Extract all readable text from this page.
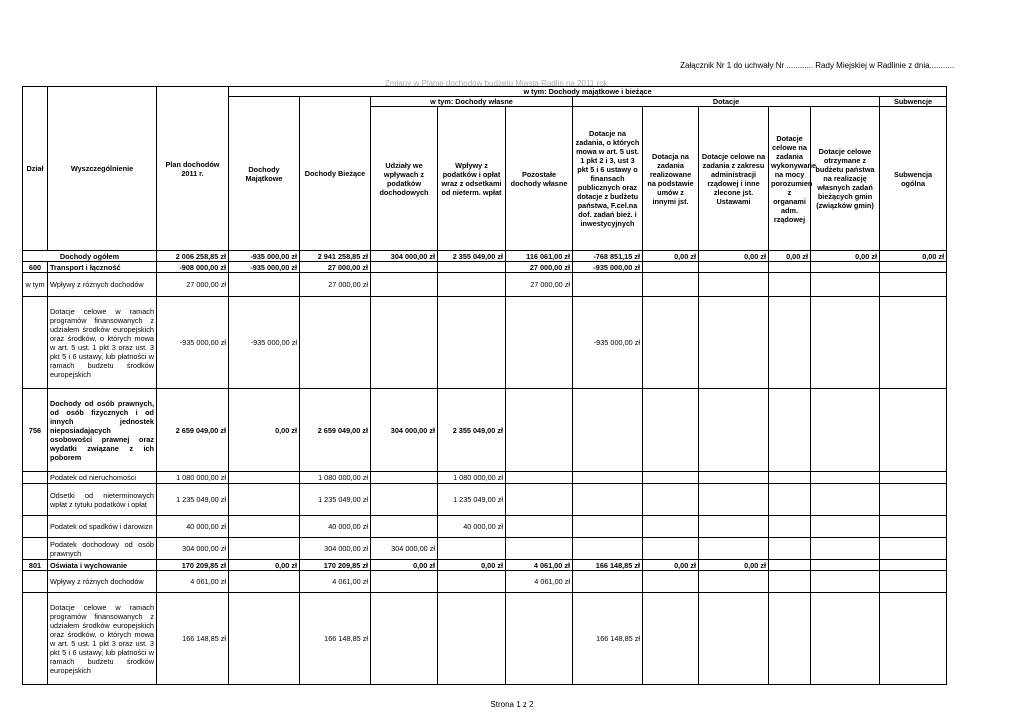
Załącznik Nr 1 do uchwały Nr ............ Rady Miejskiej w Radlinie z dnia...........
Zmiany w Planie dochodów budżetu Miasta Radlin na 2011 rok
Dział	Wyszczególnienie	Plan dochodów 2011 r.	w tym: Dochody majątkowe i bieżące										
			Dochody Majątkowe	Dochody Bieżące	w tym: Dochody własne			Dotacje					Subwencje
					Udziały we wpływach z podatków dochodowych	Wpływy z podatków i opłat wraz z odsetkami od nieterm. wpłat	Pozostałe dochody własne	Dotacje na zadania, o których mowa w art. 5 ust. 1 pkt 2 i 3, ust 3 pkt 5 i 6 ustawy o finansach publicznych oraz dotacje z budżetu państwa, F.cel.na dof. zadań bież. i inwestycyjnych	Dotacja na zadania realizowane na podstawie umów z innymi jst.	Dotacje celowe na zadania z zakresu administracji rządowej i inne zlecone jst. Ustawami	Dotacje celowe na zadania wykonywane na mocy porozumień z organami adm. rządowej	Dotacje celowe otrzymane z budżetu państwa na realizację własnych zadań bieżących gmin (związków gmin)	Subwencja ogólna
Dochody ogółem		2 006 258,85 zł	-935 000,00 zł	2 941 258,85 zł	304 000,00 zł	2 355 049,00 zł	116 061,00 zł	-768 851,15 zł	0,00 zł	0,00 zł	0,00 zł	0,00 zł	0,00 zł
600	Transport i łączność	-908 000,00 zł	-935 000,00 zł	27 000,00 zł			27 000,00 zł	-935 000,00 zł					
w tym	Wpływy z różnych dochodów	27 000,00 zł		27 000,00 zł			27 000,00 zł						
	Dotacje celowe w ramach programów finansowanych z udziałem środków europejskich oraz środków, o których mowa w art. 5 ust. 1 pkt 3 oraz ust. 3 pkt 5 i 6 ustawy, lub płatności w ramach budżetu środków europejskich	-935 000,00 zł	-935 000,00 zł					-935 000,00 zł					
756	Dochody od osób prawnych, od osób fizycznych i od innych jednostek nieposiadających osobowości prawnej oraz wydatki związane z ich poborem	2 659 049,00 zł	0,00 zł	2 659 049,00 zł	304 000,00 zł	2 355 049,00 zł							
	Podatek od nieruchomości	1 080 000,00 zł		1 080 000,00 zł		1 080 000,00 zł							
	Odsetki od nieterminowych wpłat z tytułu podatków i opłat	1 235 049,00 zł		1 235 049,00 zł		1 235 049,00 zł							
	Podatek od spadków i darowizn	40 000,00 zł		40 000,00 zł		40 000,00 zł							
	Podatek dochodowy od osób prawnych	304 000,00 zł		304 000,00 zł	304 000,00 zł								
801	Oświata i wychowanie	170 209,85 zł	0,00 zł	170 209,85 zł	0,00 zł	0,00 zł	4 061,00 zł	166 148,85 zł	0,00 zł	0,00 zł			
	Wpływy z różnych dochodów	4 061,00 zł		4 061,00 zł			4 061,00 zł						
	Dotacje celowe w ramach programów finansowanych z udziałem środków europejskich oraz środków, o których mowa w art. 5 ust. 1 pkt 3 oraz ust. 3 pkt 5 i 6 ustawy, lub płatności w ramach budżetu środków europejskich	166 148,85 zł		166 148,85 zł				166 148,85 zł					
Strona 1 z 2
